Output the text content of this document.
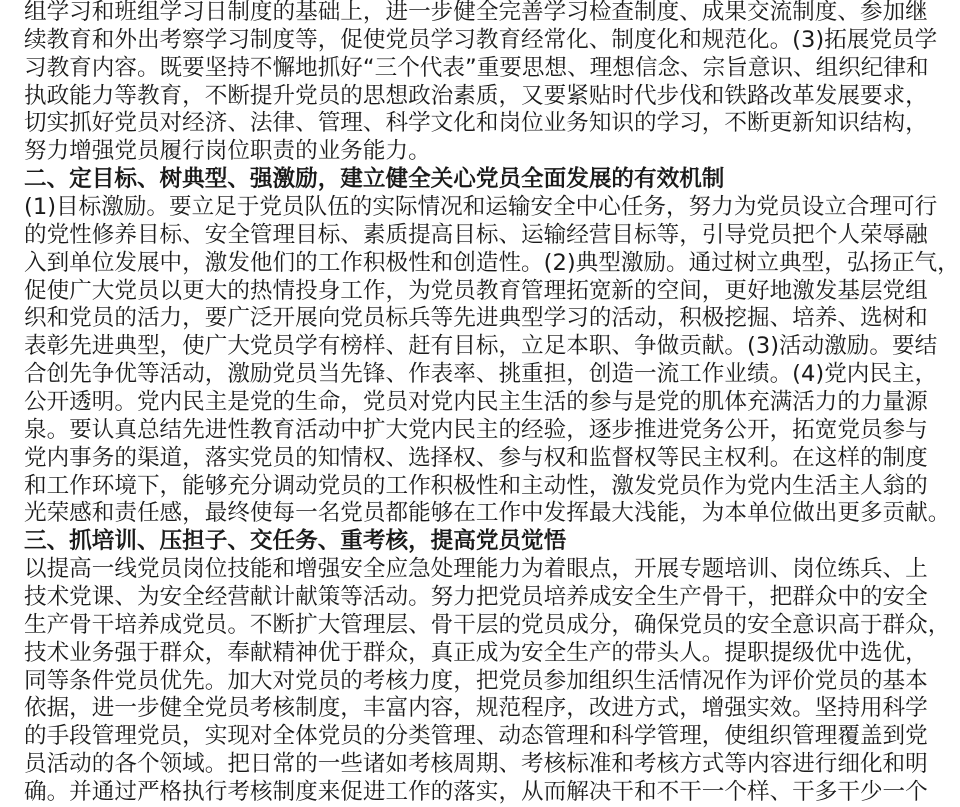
组学习和班组学习日制度的基础上，进一步健全完善学习检查制度、成果交流制度、参加继
续教育和外出考察学习制度等，促使党员学习教育经常化、制度化和规范化。(3)拓展党员学
习教育内容。既要坚持不懈地抓好“三个代表”重要思想、理想信念、宗旨意识、组织纪律和
执政能力等教育，不断提升党员的思想政治素质，又要紧贴时代步伐和铁路改革发展要求，
切实抓好党员对经济、法律、管理、科学文化和岗位业务知识的学习，不断更新知识结构，
努力增强党员履行岗位职责的业务能力。
二、定目标、树典型、强激励，建立健全关心党员全面发展的有效机制
(1)目标激励。要立足于党员队伍的实际情况和运输安全中心任务，努力为党员设立合理可行
的党性修养目标、安全管理目标、素质提高目标、运输经营目标等，引导党员把个人荣辱融
入到单位发展中，激发他们的工作积极性和创造性。(2)典型激励。通过树立典型，弘扬正气，
促使广大党员以更大的热情投身工作，为党员教育管理拓宽新的空间，更好地激发基层党组
织和党员的活力，要广泛开展向党员标兵等先进典型学习的活动，积极挖掘、培养、选树和
表彰先进典型，使广大党员学有榜样、赶有目标，立足本职、争做贡献。(3)活动激励。要结
合创先争优等活动，激励党员当先锋、作表率、挑重担，创造一流工作业绩。(4)党内民主，
公开透明。党内民主是党的生命，党员对党内民主生活的参与是党的肌体充满活力的力量源
泉。要认真总结先进性教育活动中扩大党内民主的经验，逐步推进党务公开，拓宽党员参与
党内事务的渠道，落实党员的知情权、选择权、参与权和监督权等民主权利。在这样的制度
和工作环境下，能够充分调动党员的工作积极性和主动性，激发党员作为党内生活主人翁的
光荣感和责任感，最终使每一名党员都能够在工作中发挥最大浅能，为本单位做出更多贡献。
三、抓培训、压担子、交任务、重考核，提高党员觉悟
以提高一线党员岗位技能和增强安全应急处理能力为着眼点，开展专题培训、岗位练兵、上
技术党课、为安全经营献计献策等活动。努力把党员培养成安全生产骨干，把群众中的安全
生产骨干培养成党员。不断扩大管理层、骨干层的党员成分，确保党员的安全意识高于群众，
技术业务强于群众，奉献精神优于群众，真正成为安全生产的带头人。提职提级优中选优，
同等条件党员优先。加大对党员的考核力度，把党员参加组织生活情况作为评价党员的基本
依据，进一步健全党员考核制度，丰富内容，规范程序，改进方式，增强实效。坚持用科学
的手段管理党员，实现对全体党员的分类管理、动态管理和科学管理，使组织管理覆盖到党
员活动的各个领域。把日常的一些诸如考核周期、考核标准和考核方式等内容进行细化和明
确。并通过严格执行考核制度来促进工作的落实，从而解决干和不干一个样、干多干少一个
